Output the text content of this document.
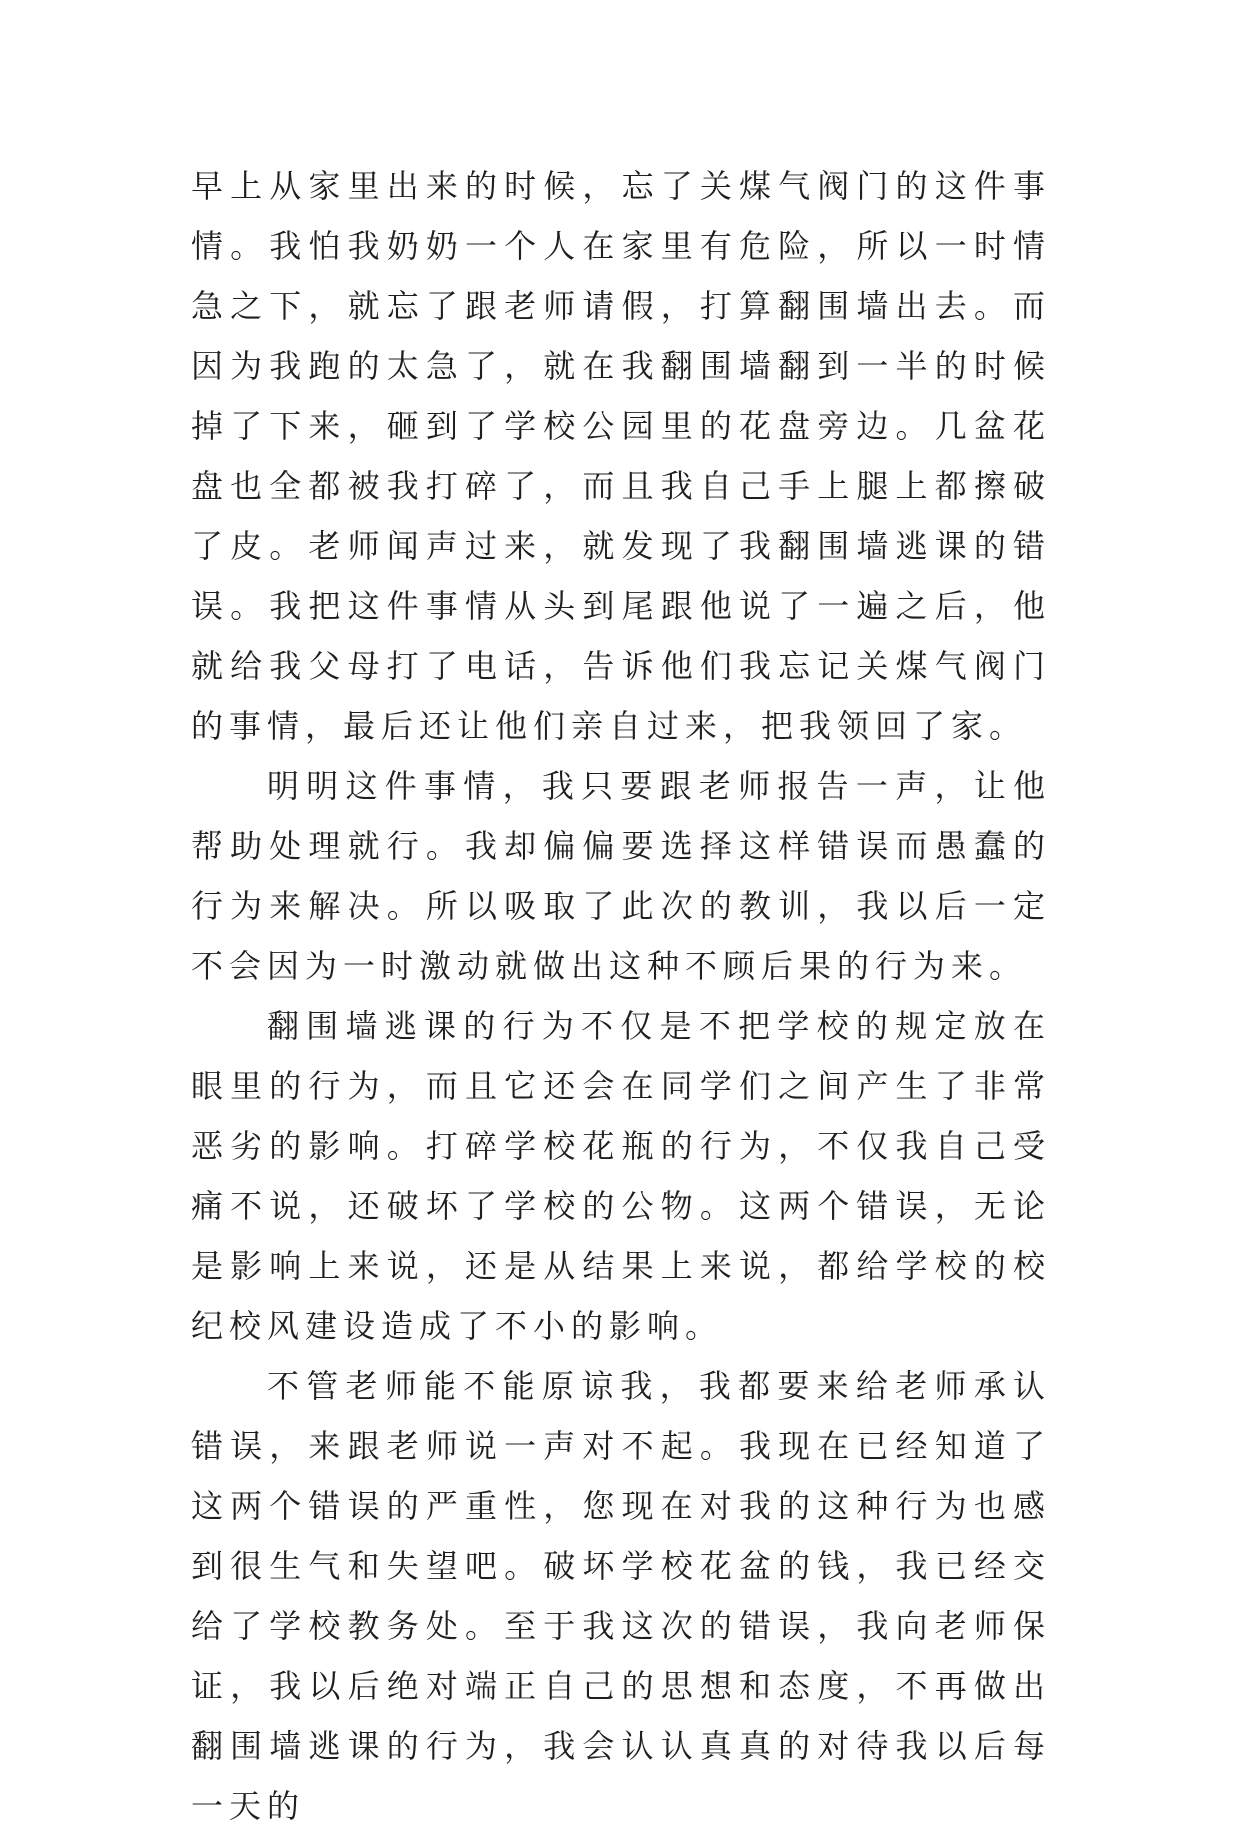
早上从家里出来的时候，忘了关煤气阀门的这件事情。我怕我奶奶一个人在家里有危险，所以一时情急之下，就忘了跟老师请假，打算翻围墙出去。而因为我跑的太急了，就在我翻围墙翻到一半的时候掉了下来，砸到了学校公园里的花盘旁边。几盆花盘也全都被我打碎了，而且我自己手上腿上都擦破了皮。老师闻声过来，就发现了我翻围墙逃课的错误。我把这件事情从头到尾跟他说了一遍之后，他就给我父母打了电话，告诉他们我忘记关煤气阀门的事情，最后还让他们亲自过来，把我领回了家。

明明这件事情，我只要跟老师报告一声，让他帮助处理就行。我却偏偏要选择这样错误而愚蠢的行为来解决。所以吸取了此次的教训，我以后一定不会因为一时激动就做出这种不顾后果的行为来。

翻围墙逃课的行为不仅是不把学校的规定放在眼里的行为，而且它还会在同学们之间产生了非常恶劣的影响。打碎学校花瓶的行为，不仅我自己受痛不说，还破坏了学校的公物。这两个错误，无论是影响上来说，还是从结果上来说，都给学校的校纪校风建设造成了不小的影响。

不管老师能不能原谅我，我都要来给老师承认错误，来跟老师说一声对不起。我现在已经知道了这两个错误的严重性，您现在对我的这种行为也感到很生气和失望吧。破坏学校花盆的钱，我已经交给了学校教务处。至于我这次的错误，我向老师保证，我以后绝对端正自己的思想和态度，不再做出翻围墙逃课的行为，我会认认真真的对待我以后每一天的
